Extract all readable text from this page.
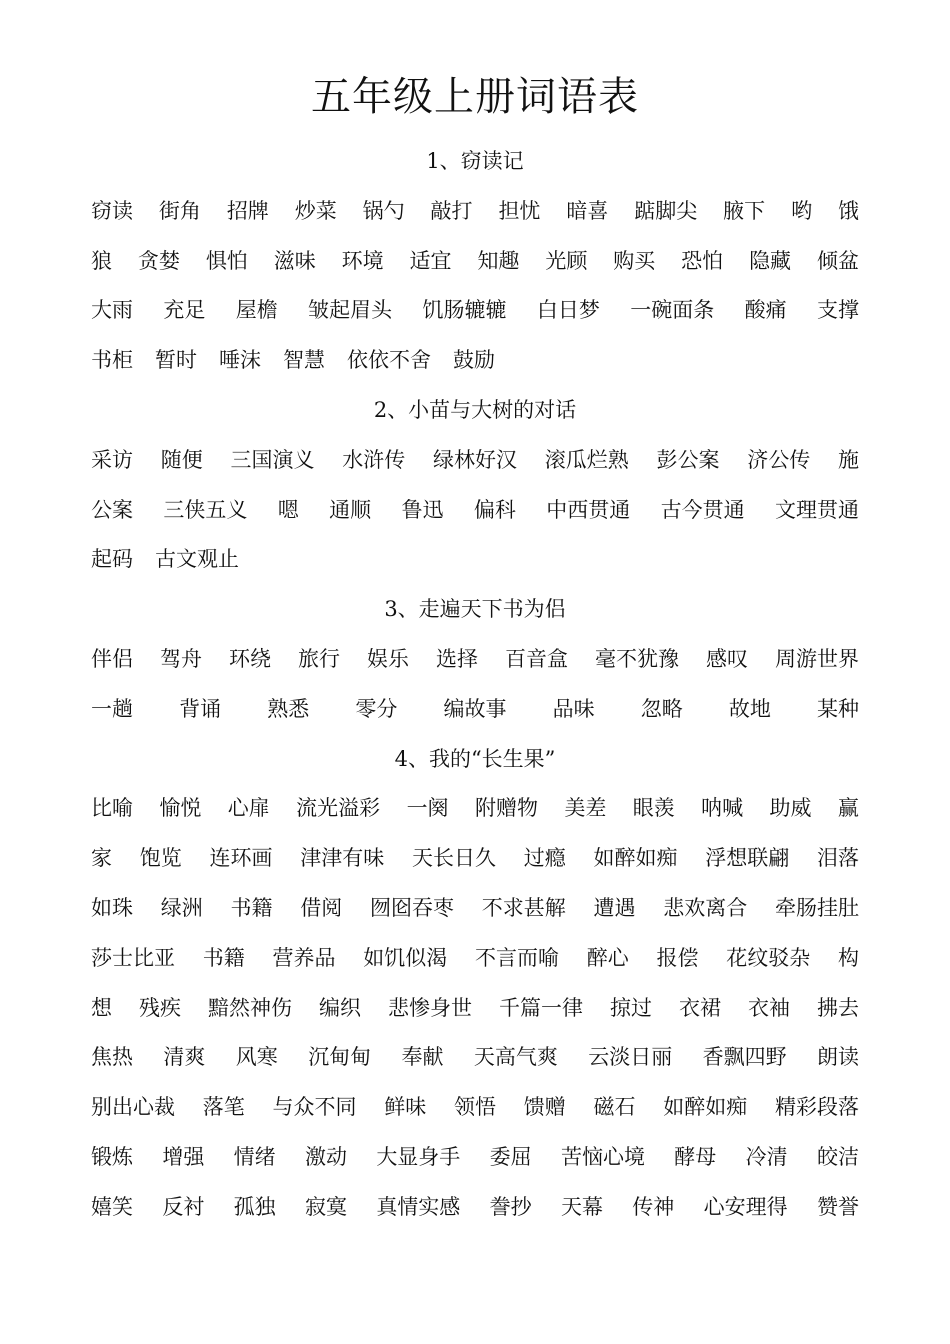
五年级上册词语表
1、窃读记
窃读 街角 招牌 炒菜 锅勺 敲打 担忧 暗喜 踮脚尖 腋下 哟 饿
狼 贪婪 惧怕 滋味 环境 适宜 知趣 光顾 购买 恐怕 隐藏 倾盆
大雨 充足 屋檐 皱起眉头 饥肠辘辘 白日梦 一碗面条 酸痛 支撑
书柜 暂时 唾沫 智慧 依依不舍 鼓励
2、小苗与大树的对话
采访 随便 三国演义 水浒传 绿林好汉 滚瓜烂熟 彭公案 济公传 施
公案 三侠五义 嗯 通顺 鲁迅 偏科 中西贯通 古今贯通 文理贯通
起码 古文观止
3、走遍天下书为侣
伴侣 驾舟 环绕 旅行 娱乐 选择 百音盒 毫不犹豫 感叹 周游世界
一趟 背诵 熟悉 零分 编故事 品味 忽略 故地 某种
4、我的“长生果”
比喻 愉悦 心扉 流光溢彩 一阕 附赠物 美差 眼羡 呐喊 助威 赢
家 饱览 连环画 津津有味 天长日久 过瘾 如醉如痴 浮想联翩 泪落
如珠 绿洲 书籍 借阅 囫囵吞枣 不求甚解 遭遇 悲欢离合 牵肠挂肚
莎士比亚 书籍 营养品 如饥似渴 不言而喻 醉心 报偿 花纹驳杂 构
想 残疾 黯然神伤 编织 悲惨身世 千篇一律 掠过 衣裙 衣袖 拂去
焦热 清爽 风寒 沉甸甸 奉献 天高气爽 云淡日丽 香飘四野 朗读
别出心裁 落笔 与众不同 鲜味 领悟 馈赠 磁石 如醉如痴 精彩段落
锻炼 增强 情绪 激动 大显身手 委屈 苦恼心境 酵母 冷清 皎洁
嬉笑 反衬 孤独 寂寞 真情实感 誊抄 天幕 传神 心安理得 赞誉
